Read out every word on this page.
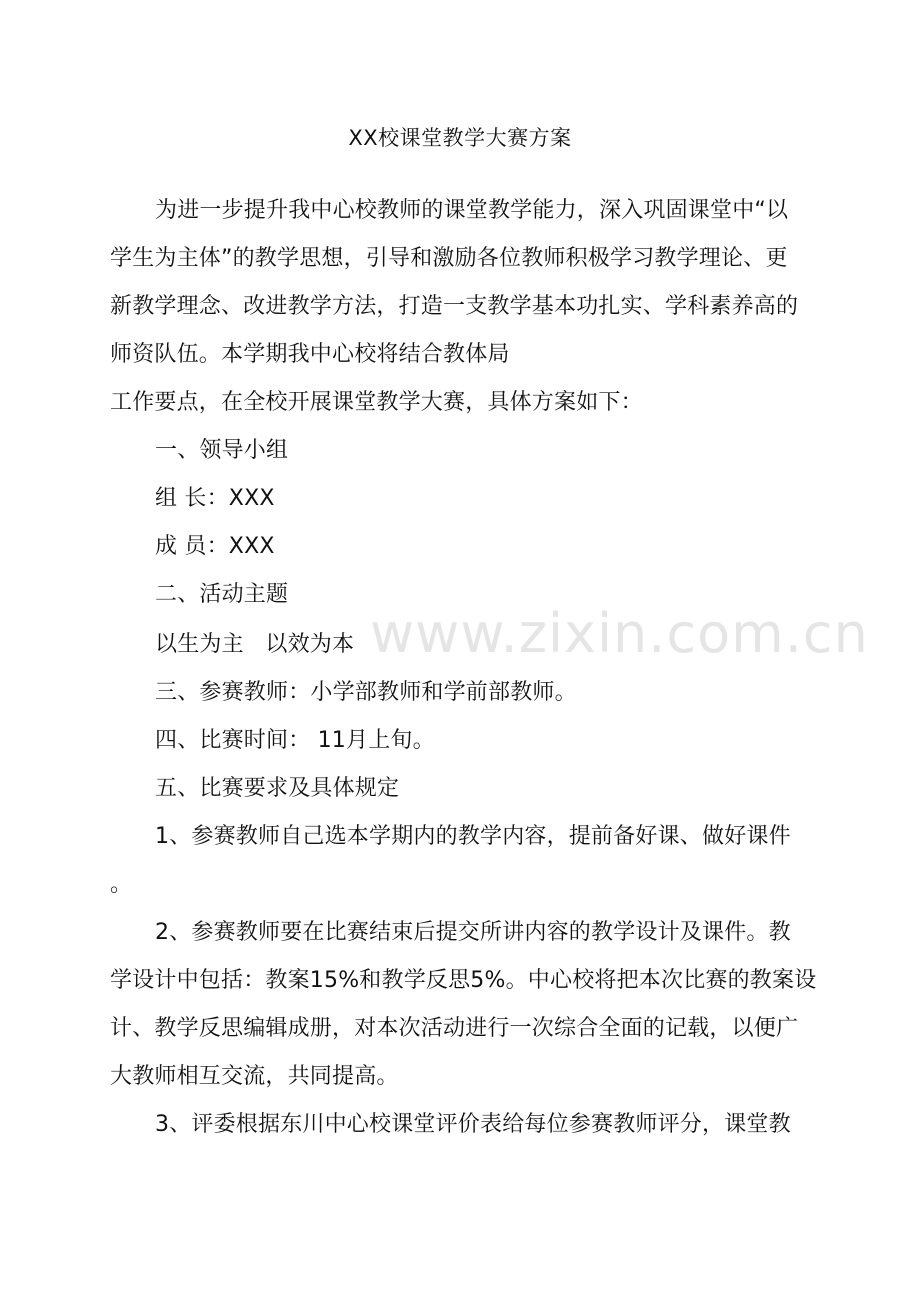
XX校课堂教学大赛方案
为进一步提升我中心校教师的课堂教学能力，深入巩固课堂中“以
学生为主体”的教学思想，引导和激励各位教师积极学习教学理论、更
新教学理念、改进教学方法，打造一支教学基本功扎实、学科素养高的
师资队伍。本学期我中心校将结合教体局
工作要点，在全校开展课堂教学大赛，具体方案如下：
一、领导小组
组 长：XXX
成 员：XXX
二、活动主题
以生为主   以效为本
三、参赛教师：小学部教师和学前部教师。
四、比赛时间： 11月上旬。
五、比赛要求及具体规定
1、参赛教师自己选本学期内的教学内容，提前备好课、做好课件
。
2、参赛教师要在比赛结束后提交所讲内容的教学设计及课件。教
学设计中包括：教案15%和教学反思5%。中心校将把本次比赛的教案设
计、教学反思编辑成册，对本次活动进行一次综合全面的记载，以便广
大教师相互交流，共同提高。
3、评委根据东川中心校课堂评价表给每位参赛教师评分，课堂教
www.zixin.com.cn
